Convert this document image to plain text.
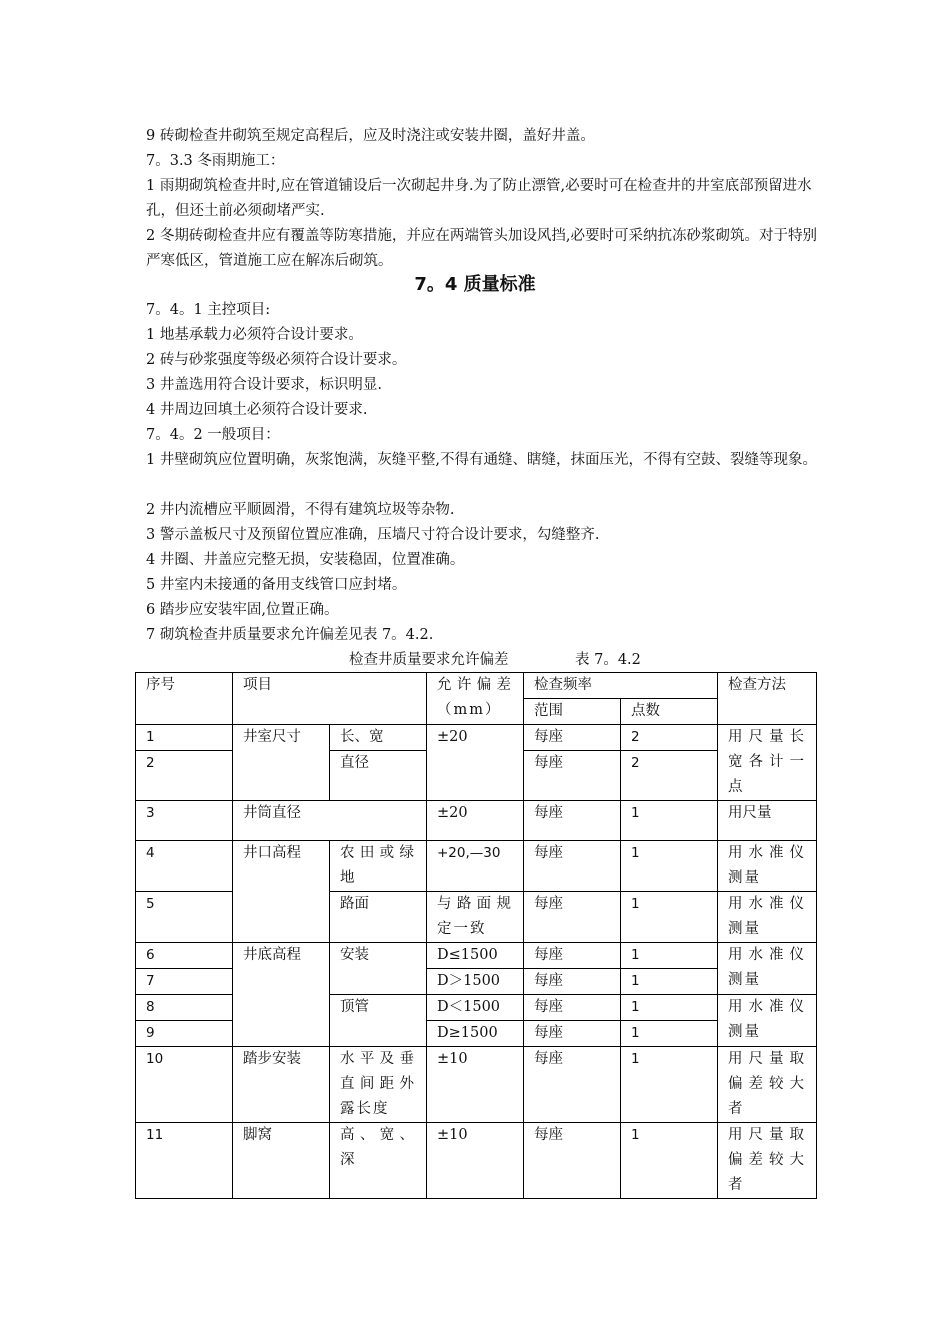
9 砖砌检查井砌筑至规定高程后，应及时浇注或安装井圈，盖好井盖。

7。3.3 冬雨期施工：

1 雨期砌筑检查井时,应在管道铺设后一次砌起井身.为了防止漂管,必要时可在检查井的井室底部预留进水孔，但还土前必须砌堵严实.

2 冬期砖砌检查井应有覆盖等防寒措施，并应在两端管头加设风挡,必要时可采纳抗冻砂浆砌筑。对于特别严寒低区，管道施工应在解冻后砌筑。

7。4 质量标准

7。4。1 主控项目:

1 地基承载力必须符合设计要求。

2 砖与砂浆强度等级必须符合设计要求。

3 井盖选用符合设计要求，标识明显.

4 井周边回填土必须符合设计要求.

7。4。2 一般项目：

1 井壁砌筑应位置明确，灰浆饱满，灰缝平整,不得有通缝、瞎缝，抹面压光，不得有空鼓、裂缝等现象。

2 井内流槽应平顺圆滑，不得有建筑垃圾等杂物.

3 警示盖板尺寸及预留位置应准确，压墙尺寸符合设计要求，勾缝整齐.

4 井圈、井盖应完整无损，安装稳固，位置准确。

5 井室内未接通的备用支线管口应封堵。

6 踏步应安装牢固,位置正确。

7 砌筑检查井质量要求允许偏差见表 7。4.2.

检查井质量要求允许偏差	表 7。4.2
序号	项目		允许偏差（mm）	检查频率		检查方法
				范围	点数	
1	井室尺寸	长、宽	±20	每座	2	用尺量长宽各计一点
2		直径		每座	2	
3	井筒直径		±20	每座	1	用尺量
4	井口高程	农田或绿地	+20,—30	每座	1	用水准仪测量
5		路面	与路面规定一致	每座	1	用水准仪测量
6	井底高程	安装	D≤1500	每座	1	用水准仪测量
7			D＞1500	每座	1	
8		顶管	D＜1500	每座	1	用水准仪测量
9			D≥1500	每座	1	
10	踏步安装	水平及垂直间距外露长度	±10	每座	1	用尺量取偏差较大者
11	脚窝	高、宽、深	±10	每座	1	用尺量取偏差较大者
